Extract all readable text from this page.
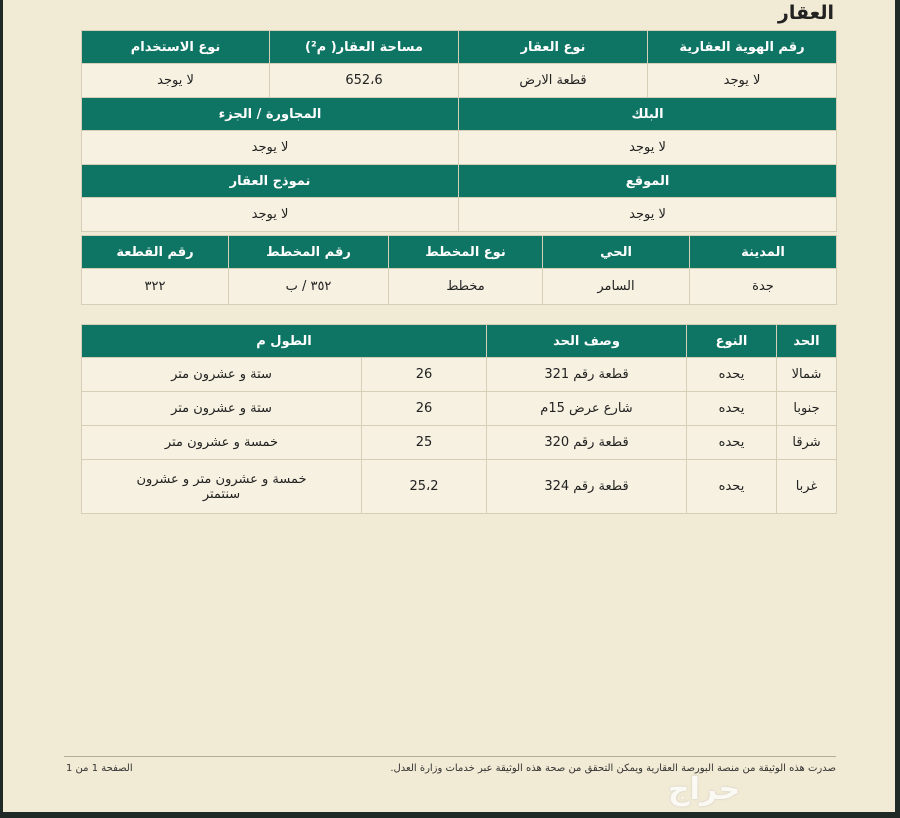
العقار
رقم الهوية العقارية	نوع العقار	مساحة العقار( م²)	نوع الاستخدام
لا يوجد	قطعة الارض	652،6	لا يوجد
البلك		المجاورة / الجزء	
لا يوجد		لا يوجد	
الموقع		نموذج العقار	
لا يوجد		لا يوجد	
المدينة	الحي	نوع المخطط	رقم المخطط	رقم القطعة
جدة	السامر	مخطط	٣٥٢ / ب	٣٢٢
الحد	النوع	وصف الحد	الطول م	
شمالا	يحده	قطعة رقم 321	26	ستة و عشرون متر
جنوبا	يحده	شارع عرض 15م	26	ستة و عشرون متر
شرقا	يحده	قطعة رقم 320	25	خمسة و عشرون متر
غربا	يحده	قطعة رقم 324	25،2	خمسة و عشرون متر و عشرون سنتمتر
صدرت هذه الوثيقة من منصة البورصة العقارية ويمكن التحقق من صحة هذه الوثيقة عبر خدمات وزارة العدل.
الصفحة 1 من 1
حراج
